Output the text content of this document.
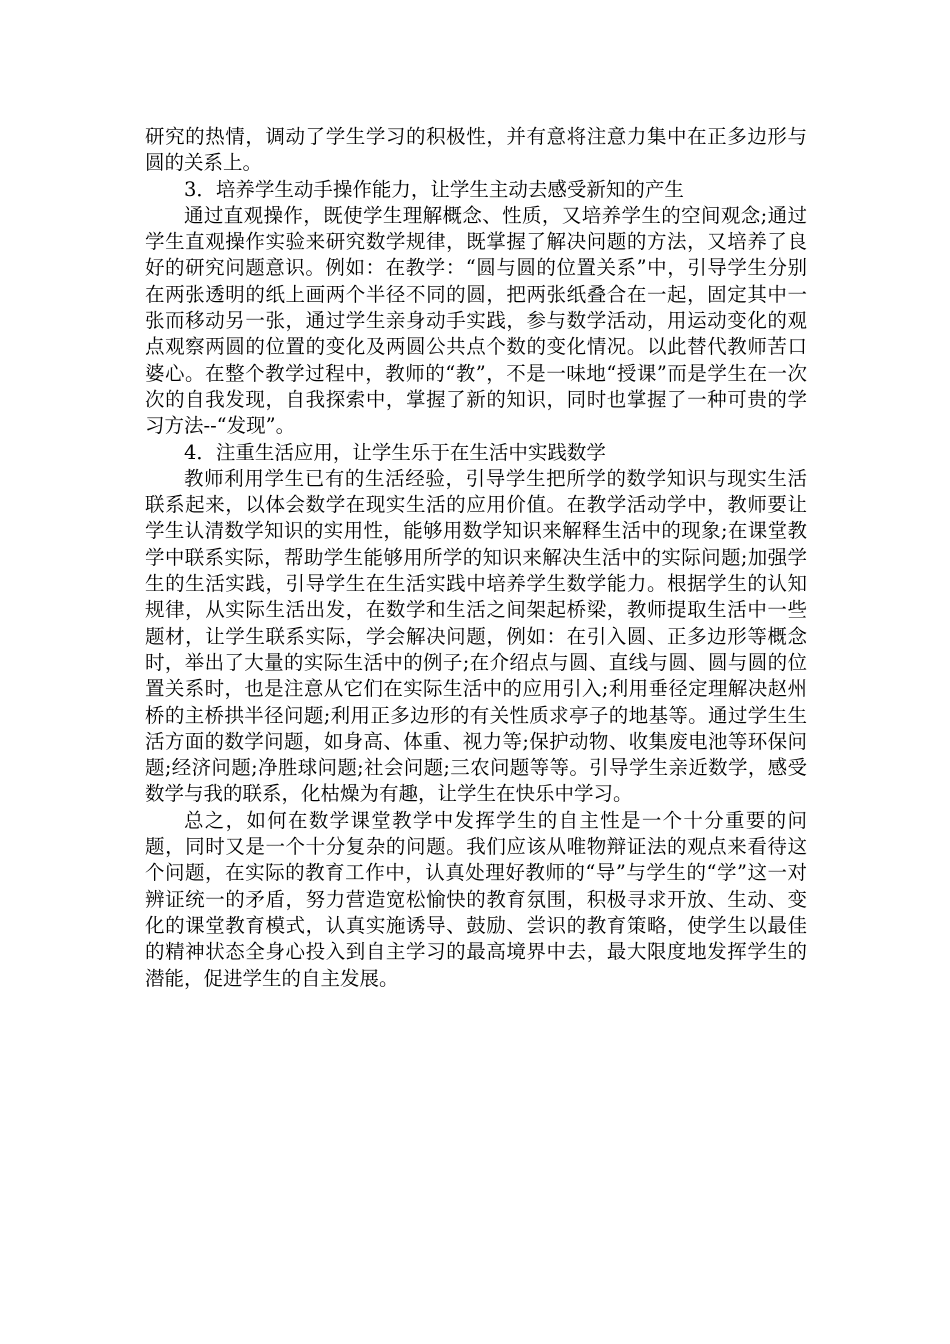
研究的热情，调动了学生学习的积极性，并有意将注意力集中在正多边形与圆的关系上。

3．培养学生动手操作能力，让学生主动去感受新知的产生

通过直观操作，既使学生理解概念、性质，又培养学生的空间观念;通过学生直观操作实验来研究数学规律，既掌握了解决问题的方法，又培养了良好的研究问题意识。例如：在教学：“圆与圆的位置关系”中，引导学生分别在两张透明的纸上画两个半径不同的圆，把两张纸叠合在一起，固定其中一张而移动另一张，通过学生亲身动手实践，参与数学活动，用运动变化的观点观察两圆的位置的变化及两圆公共点个数的变化情况。以此替代教师苦口婆心。在整个教学过程中，教师的“教”，不是一味地“授课”而是学生在一次次的自我发现，自我探索中，掌握了新的知识，同时也掌握了一种可贵的学习方法--“发现”。

4．注重生活应用，让学生乐于在生活中实践数学

教师利用学生已有的生活经验，引导学生把所学的数学知识与现实生活联系起来，以体会数学在现实生活的应用价值。在教学活动学中，教师要让学生认清数学知识的实用性，能够用数学知识来解释生活中的现象;在课堂教学中联系实际，帮助学生能够用所学的知识来解决生活中的实际问题;加强学生的生活实践，引导学生在生活实践中培养学生数学能力。根据学生的认知规律，从实际生活出发，在数学和生活之间架起桥梁，教师提取生活中一些题材，让学生联系实际，学会解决问题，例如：在引入圆、正多边形等概念时，举出了大量的实际生活中的例子;在介绍点与圆、直线与圆、圆与圆的位置关系时，也是注意从它们在实际生活中的应用引入;利用垂径定理解决赵州桥的主桥拱半径问题;利用正多边形的有关性质求亭子的地基等。通过学生生活方面的数学问题，如身高、体重、视力等;保护动物、收集废电池等环保问题;经济问题;净胜球问题;社会问题;三农问题等等。引导学生亲近数学，感受数学与我的联系，化枯燥为有趣，让学生在快乐中学习。

总之，如何在数学课堂教学中发挥学生的自主性是一个十分重要的问题，同时又是一个十分复杂的问题。我们应该从唯物辩证法的观点来看待这个问题，在实际的教育工作中，认真处理好教师的“导”与学生的“学”这一对辨证统一的矛盾，努力营造宽松愉快的教育氛围，积极寻求开放、生动、变化的课堂教育模式，认真实施诱导、鼓励、尝识的教育策略，使学生以最佳的精神状态全身心投入到自主学习的最高境界中去，最大限度地发挥学生的潜能，促进学生的自主发展。
